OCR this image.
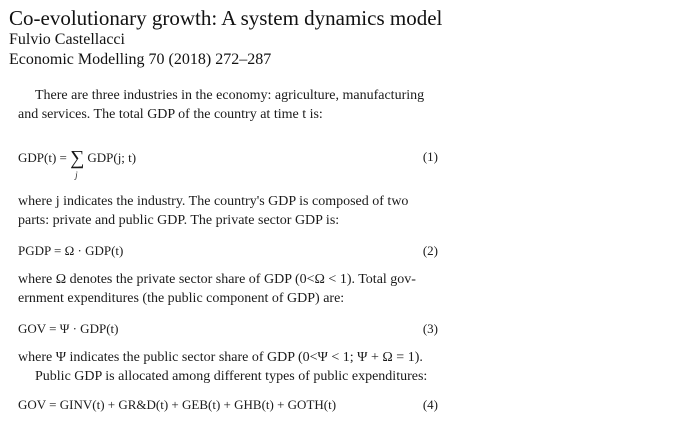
Co-evolutionary growth: A system dynamics model
Fulvio Castellacci
Economic Modelling 70 (2018) 272–287

There are three industries in the economy: agriculture, manufacturing

and services. The total GDP of the country at time t is:

GDP(t) = ∑
j
GDP(j; t)	(1)

where j indicates the industry. The country's GDP is composed of two

parts: private and public GDP. The private sector GDP is:

PGDP = Ω · GDP(t)	(2)

where Ω denotes the private sector share of GDP (0<Ω < 1). Total gov-

ernment expenditures (the public component of GDP) are:

GOV = Ψ · GDP(t)	(3)

where Ψ indicates the public sector share of GDP (0<Ψ < 1; Ψ + Ω = 1).

Public GDP is allocated among different types of public expenditures:

GOV = GINV(t) + GR&D(t) + GEB(t) + GHB(t) + GOTH(t)	(4)
